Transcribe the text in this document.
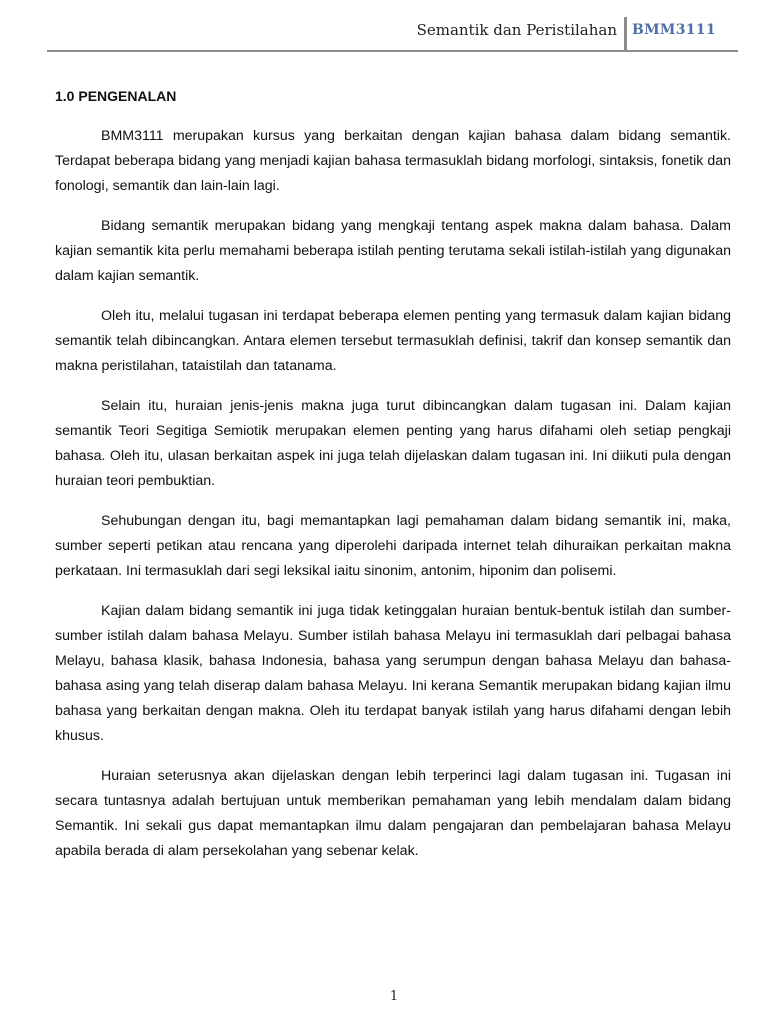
Semantik dan Peristilahan BMM3111
1.0 PENGENALAN

BMM3111 merupakan kursus yang berkaitan dengan kajian bahasa dalam bidang semantik. Terdapat beberapa bidang yang menjadi kajian bahasa termasuklah bidang morfologi, sintaksis, fonetik dan fonologi, semantik dan lain-lain lagi.

Bidang semantik merupakan bidang yang mengkaji tentang aspek makna dalam bahasa. Dalam kajian semantik kita perlu memahami beberapa istilah penting terutama sekali istilah-istilah yang digunakan dalam kajian semantik.

Oleh itu, melalui tugasan ini terdapat beberapa elemen penting yang termasuk dalam kajian bidang semantik telah dibincangkan. Antara elemen tersebut termasuklah definisi, takrif dan konsep semantik dan makna peristilahan, tataistilah dan tatanama.

Selain itu, huraian jenis-jenis makna juga turut dibincangkan dalam tugasan ini. Dalam kajian semantik Teori Segitiga Semiotik merupakan elemen penting yang harus difahami oleh setiap pengkaji bahasa. Oleh itu, ulasan berkaitan aspek ini juga telah dijelaskan dalam tugasan ini. Ini diikuti pula dengan huraian teori pembuktian.

Sehubungan dengan itu, bagi memantapkan lagi pemahaman dalam bidang semantik ini, maka, sumber seperti petikan atau rencana yang diperolehi daripada internet telah dihuraikan perkaitan makna perkataan. Ini termasuklah dari segi leksikal iaitu sinonim, antonim, hiponim dan polisemi.

Kajian dalam bidang semantik ini juga tidak ketinggalan huraian bentuk-bentuk istilah dan sumber-sumber istilah dalam bahasa Melayu. Sumber istilah bahasa Melayu ini termasuklah dari pelbagai bahasa Melayu, bahasa klasik, bahasa Indonesia, bahasa yang serumpun dengan bahasa Melayu dan bahasa-bahasa asing yang telah diserap dalam bahasa Melayu. Ini kerana Semantik merupakan bidang kajian ilmu bahasa yang berkaitan dengan makna. Oleh itu terdapat banyak istilah yang harus difahami dengan lebih khusus.

Huraian seterusnya akan dijelaskan dengan lebih terperinci lagi dalam tugasan ini. Tugasan ini secara tuntasnya adalah bertujuan untuk memberikan pemahaman yang lebih mendalam dalam bidang Semantik. Ini sekali gus dapat memantapkan ilmu dalam pengajaran dan pembelajaran bahasa Melayu apabila berada di alam persekolahan yang sebenar kelak.

1
